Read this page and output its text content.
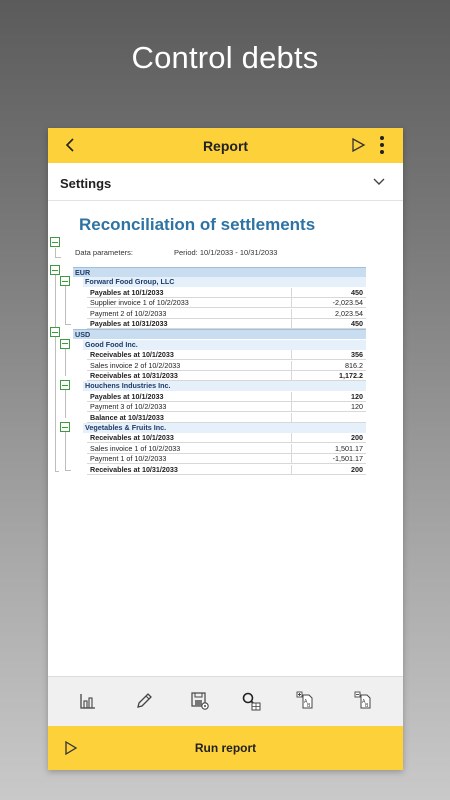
Control debts
Report
Settings
Reconciliation of settlements
Data parameters:	Period: 10/1/2033 - 10/31/2033
EUR
Forward Food Group, LLC
Payables at 10/1/2033	450
Supplier invoice 1 of 10/2/2033	-2,023.54
Payment 2 of 10/2/2033	2,023.54
Payables at 10/31/2033	450
USD
Good Food Inc.
Receivables at 10/1/2033	356
Sales invoice 2 of 10/2/2033	816.2
Receivables at 10/31/2033	1,172.2
Houchens Industries Inc.
Payables at 10/1/2033	120
Payment 3 of 10/2/2033	120
Balance at 10/31/2033
Vegetables & Fruits Inc.
Receivables at 10/1/2033	200
Sales invoice 1 of 10/2/2033	1,501.17
Payment 1 of 10/2/2033	-1,501.17
Receivables at 10/31/2033	200
A
B
A
B
Run report
